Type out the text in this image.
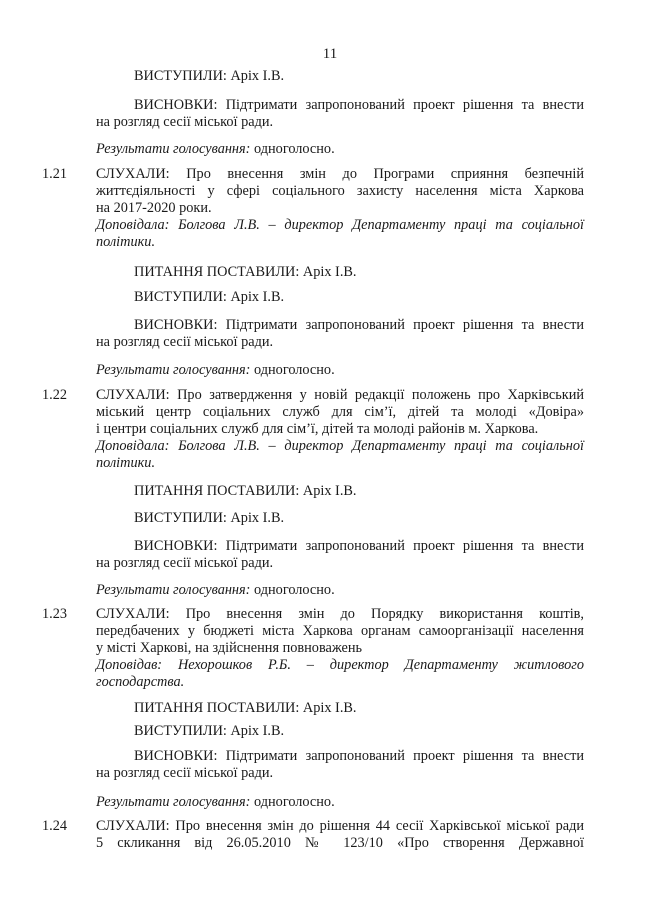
11
ВИСТУПИЛИ: Аріх І.В.
ВИСНОВКИ: Підтримати запропонований проект рішення та внести
на розгляд сесії міської ради.
Результати голосування: одноголосно.
1.21 СЛУХАЛИ: Про внесення змін до Програми сприяння безпечній
життєдіяльності у сфері соціального захисту населення міста Харкова
на 2017-2020 роки.
Доповідала: Болгова Л.В. – директор Департаменту праці та соціальної
політики.
ПИТАННЯ ПОСТАВИЛИ: Аріх І.В.
ВИСТУПИЛИ: Аріх І.В.
ВИСНОВКИ: Підтримати запропонований проект рішення та внести
на розгляд сесії міської ради.
Результати голосування: одноголосно.
1.22 СЛУХАЛИ: Про затвердження у новій редакції положень про Харківський
міський центр соціальних служб для сім’ї, дітей та молоді «Довіра»
і центри соціальних служб для сім’ї, дітей та молоді районів м. Харкова.
Доповідала: Болгова Л.В. – директор Департаменту праці та соціальної
політики.
ПИТАННЯ ПОСТАВИЛИ: Аріх І.В.
ВИСТУПИЛИ: Аріх І.В.
ВИСНОВКИ: Підтримати запропонований проект рішення та внести
на розгляд сесії міської ради.
Результати голосування: одноголосно.
1.23 СЛУХАЛИ: Про внесення змін до Порядку використання коштів,
передбачених у бюджеті міста Харкова органам самоорганізації населення
у місті Харкові, на здійснення повноважень
Доповідав: Нехорошков Р.Б. – директор Департаменту житлового
господарства.
ПИТАННЯ ПОСТАВИЛИ: Аріх І.В.
ВИСТУПИЛИ: Аріх І.В.
ВИСНОВКИ: Підтримати запропонований проект рішення та внести
на розгляд сесії міської ради.
Результати голосування: одноголосно.
1.24 СЛУХАЛИ: Про внесення змін до рішення 44 сесії Харківської міської ради
5 скликання від 26.05.2010 № 123/10 «Про створення Державної
